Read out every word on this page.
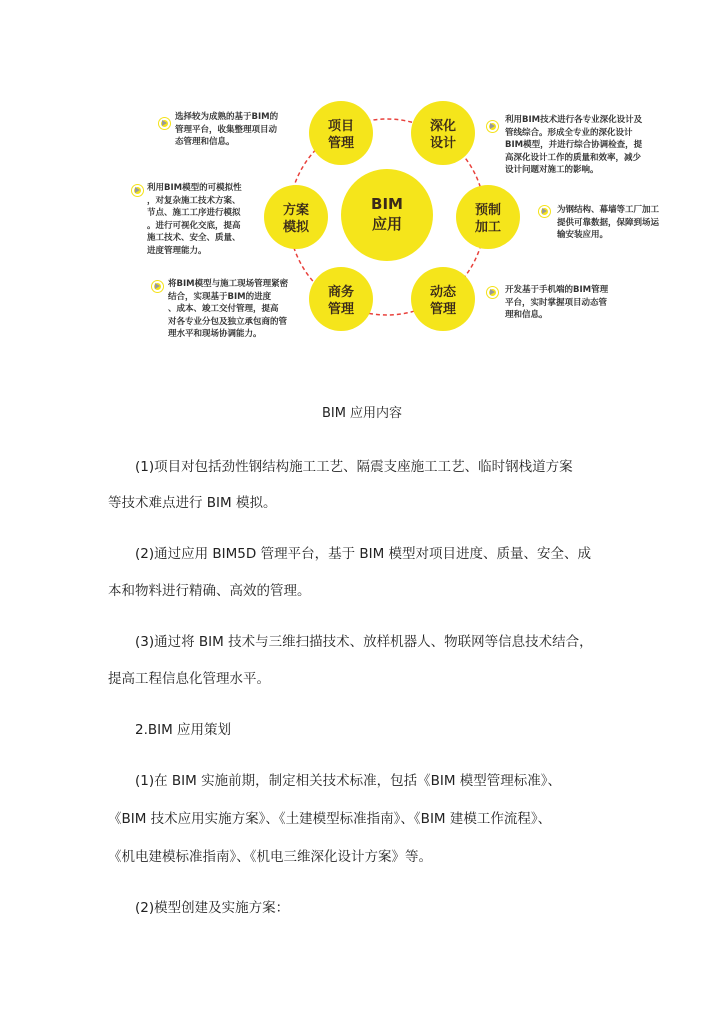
BIM
应用
项目
管理
深化
设计
预制
加工
动态
管理
商务
管理
方案
模拟
选择较为成熟的基于BIM的
管理平台，收集整理项目动
态管理和信息。
利用BIM技术进行各专业深化设计及
管线综合。形成全专业的深化设计
BIM模型，并进行综合协调检查，提
高深化设计工作的质量和效率，减少
设计问题对施工的影响。
为钢结构、幕墙等工厂加工
提供可靠数据，保障到场运
输安装应用。
开发基于手机端的BIM管理
平台，实时掌握项目动态管
理和信息。
将BIM模型与施工现场管理紧密
结合，实现基于BIM的进度
、成本、竣工交付管理，提高
对各专业分包及独立承包商的管
理水平和现场协调能力。
利用BIM模型的可模拟性
，对复杂施工技术方案、
节点、施工工序进行模拟
。进行可视化交底，提高
施工技术、安全、质量、
进度管理能力。
BIM 应用内容
(1)项目对包括劲性钢结构施工工艺、隔震支座施工工艺、临时钢栈道方案
等技术难点进行 BIM 模拟。
(2)通过应用 BIM5D 管理平台，基于 BIM 模型对项目进度、质量、安全、成
本和物料进行精确、高效的管理。
(3)通过将 BIM 技术与三维扫描技术、放样机器人、物联网等信息技术结合，
提高工程信息化管理水平。
2.BIM 应用策划
(1)在 BIM 实施前期，制定相关技术标准，包括《BIM 模型管理标准》、
《BIM 技术应用实施方案》、《土建模型标准指南》、《BIM 建模工作流程》、
《机电建模标准指南》、《机电三维深化设计方案》等。
(2)模型创建及实施方案：
